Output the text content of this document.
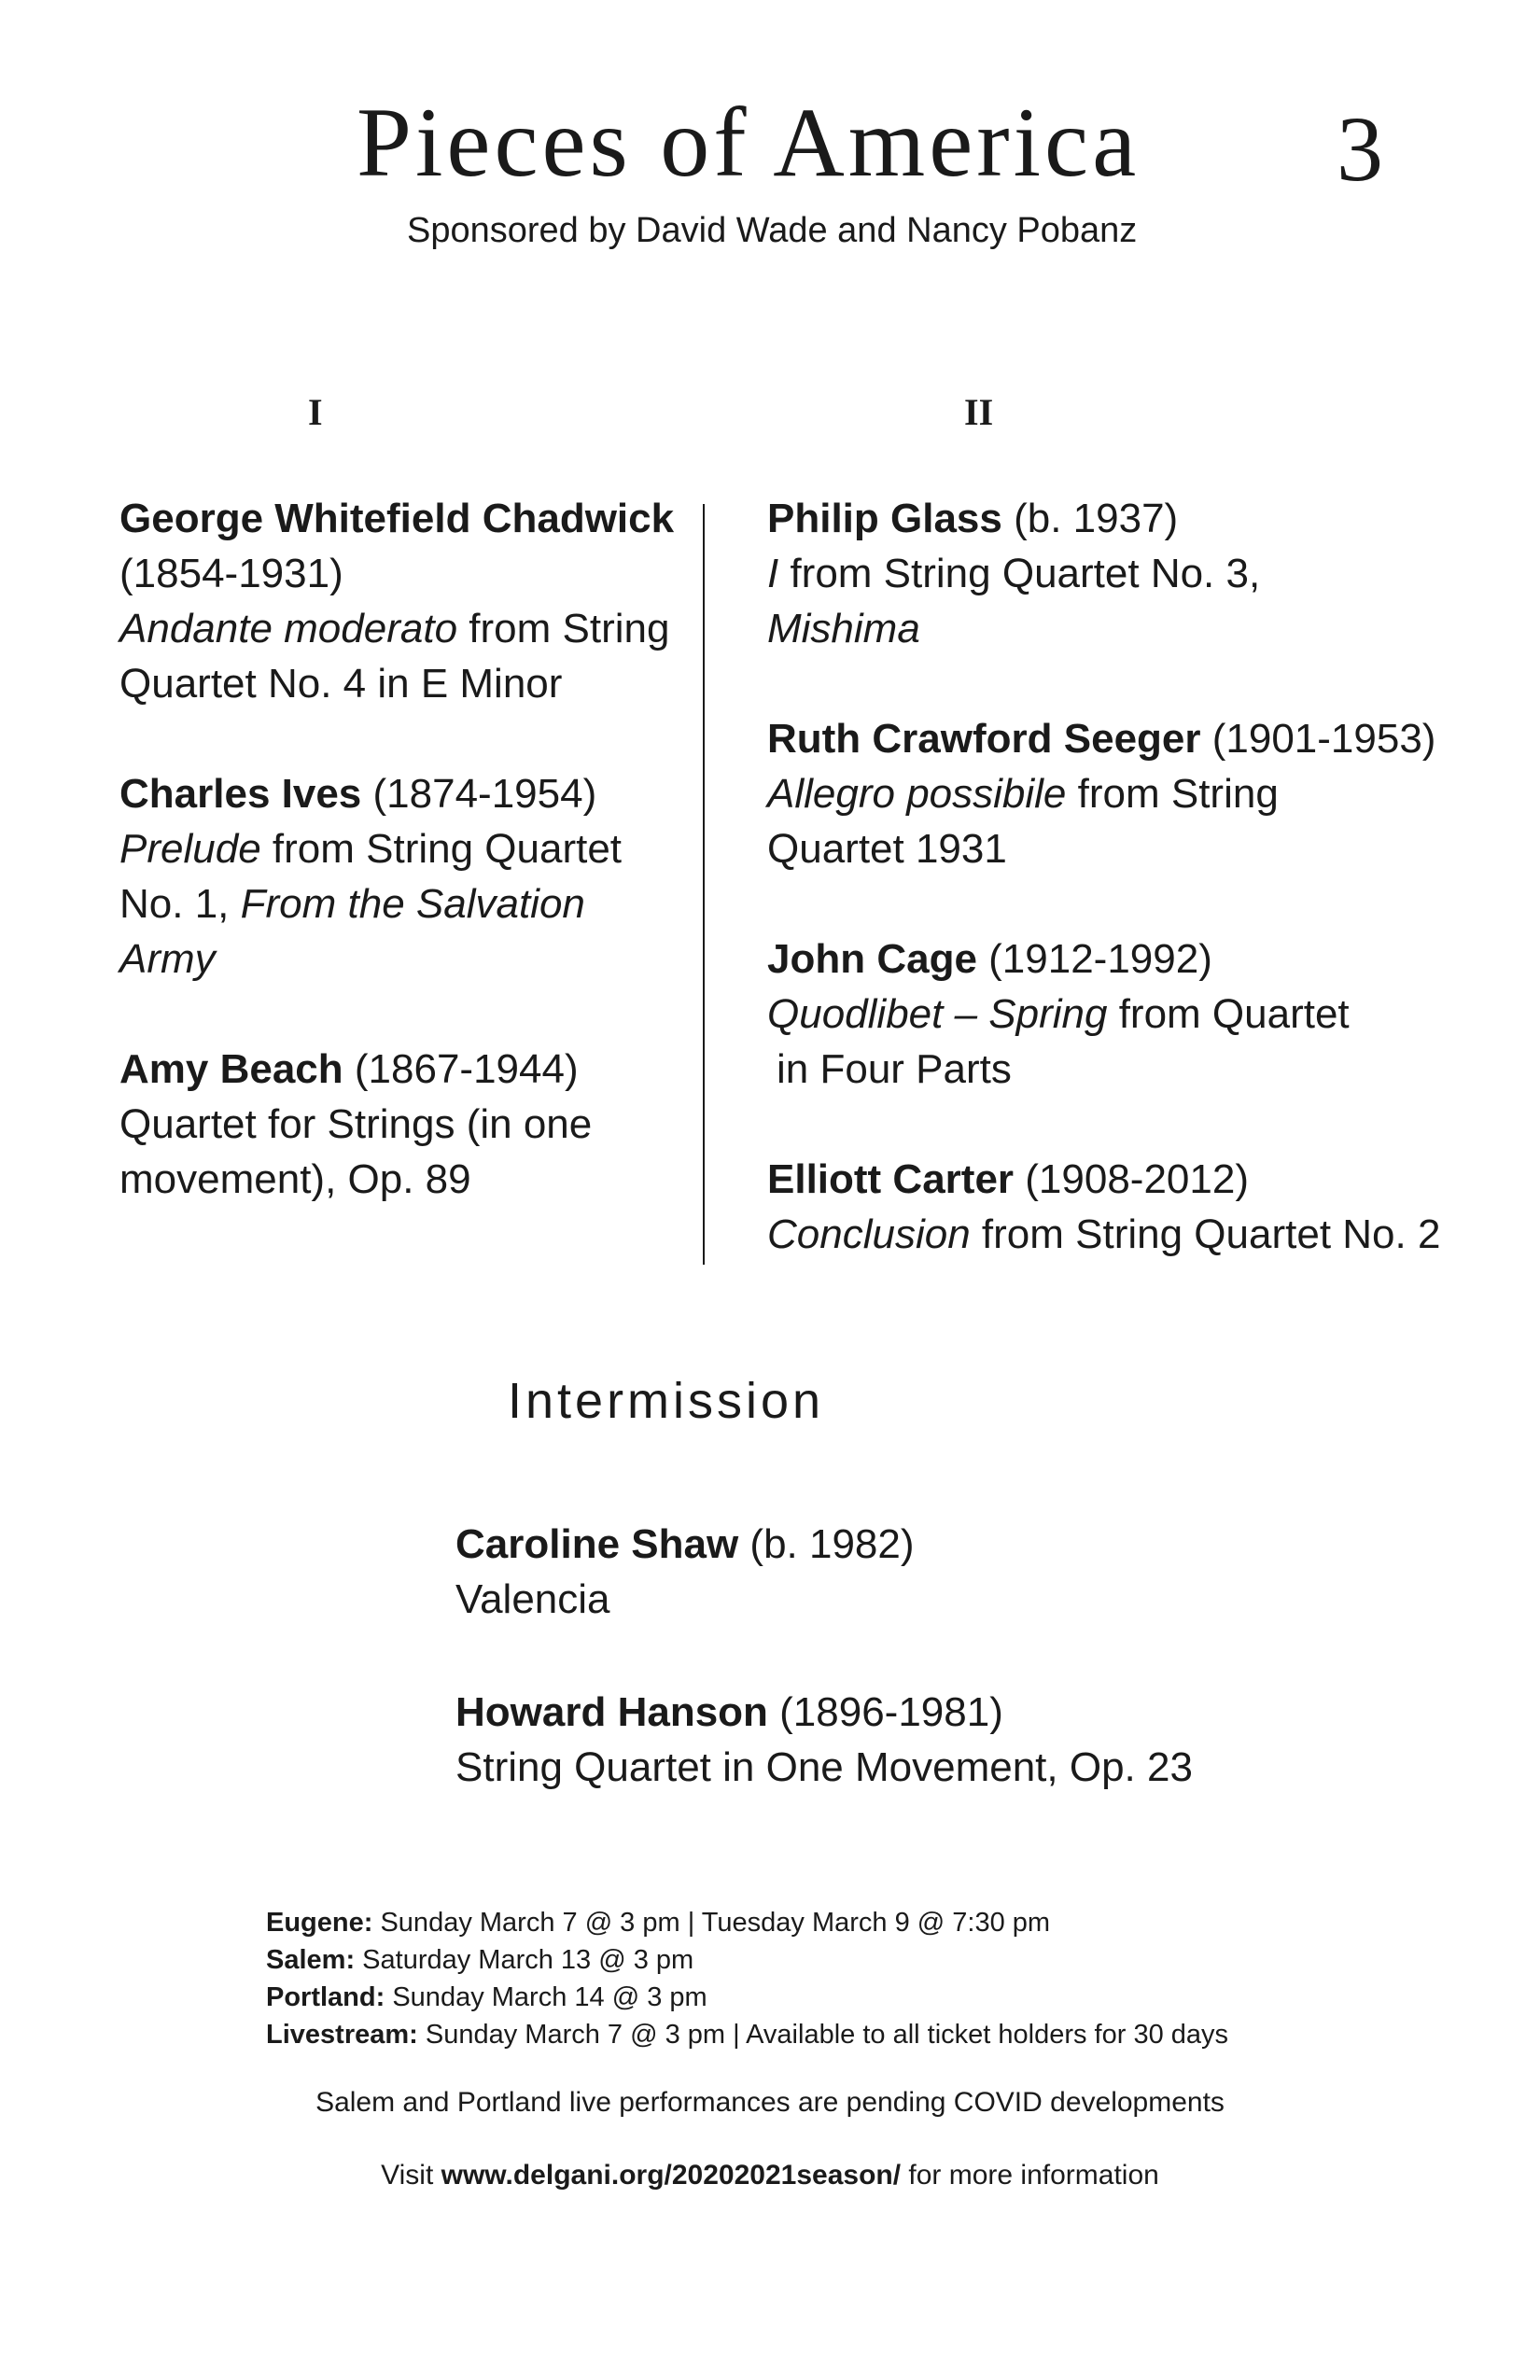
Pieces of America 3
Sponsored by David Wade and Nancy Pobanz
I	II
George Whitefield Chadwick (1854-1931)
Andante moderato from String Quartet No. 4 in E Minor
Charles Ives (1874-1954)
Prelude from String Quartet No. 1, From the Salvation Army
Amy Beach (1867-1944)
Quartet for Strings (in one movement), Op. 89
Philip Glass (b. 1937)
I from String Quartet No. 3,
Mishima
Ruth Crawford Seeger (1901-1953)
Allegro possibile from String Quartet 1931
John Cage (1912-1992)
Quodlibet – Spring from Quartet
in Four Parts
Elliott Carter (1908-2012)
Conclusion from String Quartet No. 2
Intermission
Caroline Shaw (b. 1982)
Valencia
Howard Hanson (1896-1981)
String Quartet in One Movement, Op. 23
Eugene: Sunday March 7 @ 3 pm | Tuesday March 9 @ 7:30 pm
Salem: Saturday March 13 @ 3 pm
Portland: Sunday March 14 @ 3 pm
Livestream: Sunday March 7 @ 3 pm | Available to all ticket holders for 30 days
Salem and Portland live performances are pending COVID developments
Visit www.delgani.org/20202021season/ for more information
